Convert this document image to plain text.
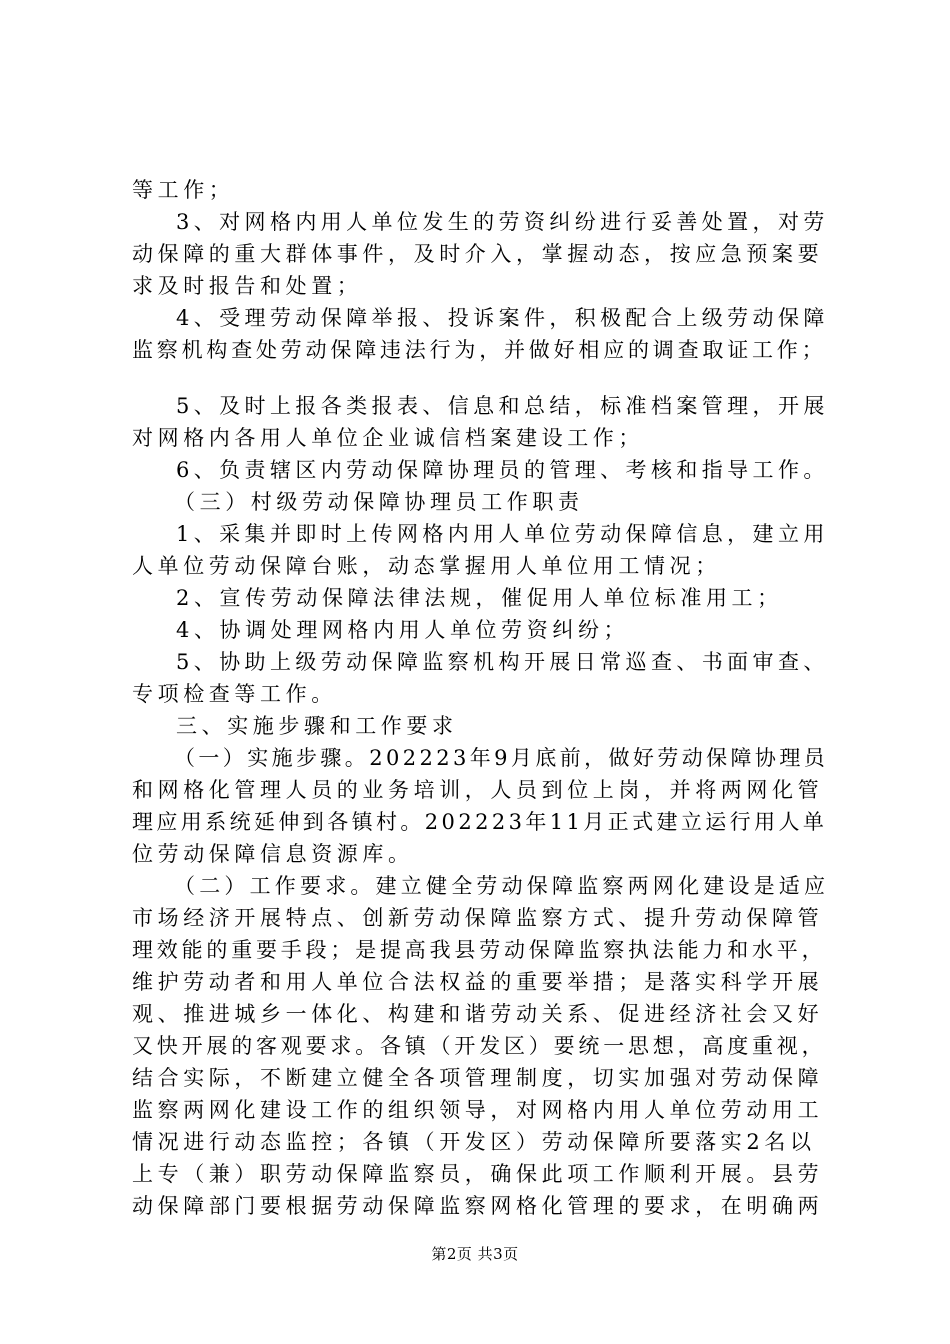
等工作；
3、对网格内用人单位发生的劳资纠纷进行妥善处置，对劳
动保障的重大群体事件，及时介入，掌握动态，按应急预案要
求及时报告和处置；
4、受理劳动保障举报、投诉案件，积极配合上级劳动保障
监察机构查处劳动保障违法行为，并做好相应的调查取证工作；
5、及时上报各类报表、信息和总结，标准档案管理，开展
对网格内各用人单位企业诚信档案建设工作；
6、负责辖区内劳动保障协理员的管理、考核和指导工作。
（三）村级劳动保障协理员工作职责
1、采集并即时上传网格内用人单位劳动保障信息，建立用
人单位劳动保障台账，动态掌握用人单位用工情况；
2、宣传劳动保障法律法规，催促用人单位标准用工；
4、协调处理网格内用人单位劳资纠纷；
5、协助上级劳动保障监察机构开展日常巡查、书面审查、
专项检查等工作。
三、实施步骤和工作要求
（一）实施步骤。202223年9月底前，做好劳动保障协理员
和网格化管理人员的业务培训，人员到位上岗，并将两网化管
理应用系统延伸到各镇村。202223年11月正式建立运行用人单
位劳动保障信息资源库。
（二）工作要求。建立健全劳动保障监察两网化建设是适应
市场经济开展特点、创新劳动保障监察方式、提升劳动保障管
理效能的重要手段；是提高我县劳动保障监察执法能力和水平，
维护劳动者和用人单位合法权益的重要举措；是落实科学开展
观、推进城乡一体化、构建和谐劳动关系、促进经济社会又好
又快开展的客观要求。各镇（开发区）要统一思想，高度重视，
结合实际，不断建立健全各项管理制度，切实加强对劳动保障
监察两网化建设工作的组织领导，对网格内用人单位劳动用工
情况进行动态监控；各镇（开发区）劳动保障所要落实2名以
上专（兼）职劳动保障监察员，确保此项工作顺利开展。县劳
动保障部门要根据劳动保障监察网格化管理的要求，在明确两
第2页 共3页
